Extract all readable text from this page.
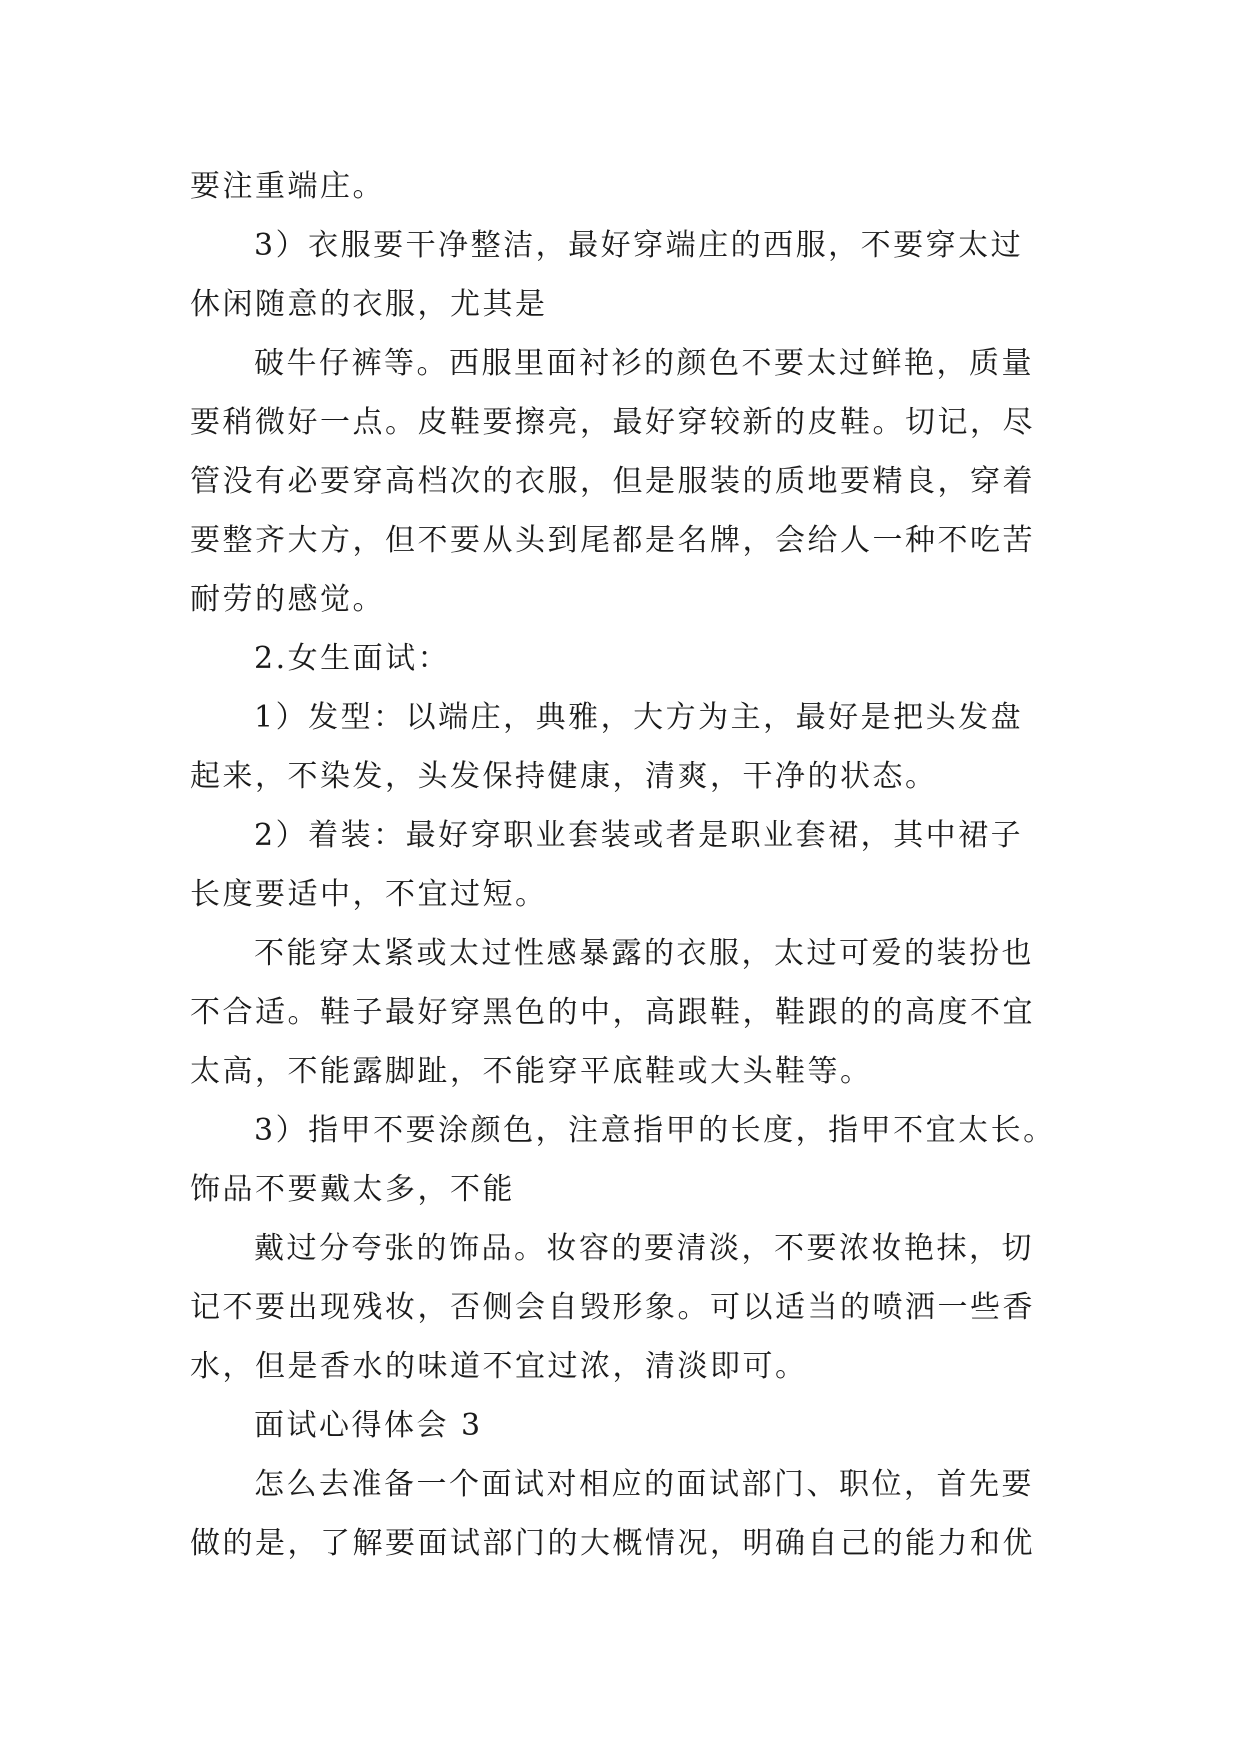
要注重端庄。

3）衣服要干净整洁，最好穿端庄的西服，不要穿太过

休闲随意的衣服，尤其是

破牛仔裤等。西服里面衬衫的颜色不要太过鲜艳，质量

要稍微好一点。皮鞋要擦亮，最好穿较新的皮鞋。切记，尽

管没有必要穿高档次的衣服，但是服装的质地要精良，穿着

要整齐大方，但不要从头到尾都是名牌，会给人一种不吃苦

耐劳的感觉。

2.女生面试：

1）发型：以端庄，典雅，大方为主，最好是把头发盘

起来，不染发，头发保持健康，清爽，干净的状态。

2）着装：最好穿职业套装或者是职业套裙，其中裙子

长度要适中，不宜过短。

不能穿太紧或太过性感暴露的衣服，太过可爱的装扮也

不合适。鞋子最好穿黑色的中，高跟鞋，鞋跟的的高度不宜

太高，不能露脚趾，不能穿平底鞋或大头鞋等。

3）指甲不要涂颜色，注意指甲的长度，指甲不宜太长。

饰品不要戴太多，不能

戴过分夸张的饰品。妆容的要清淡，不要浓妆艳抹，切

记不要出现残妆，否侧会自毁形象。可以适当的喷洒一些香

水，但是香水的味道不宜过浓，清淡即可。

面试心得体会 3

怎么去准备一个面试对相应的面试部门、职位，首先要

做的是，了解要面试部门的大概情况，明确自己的能力和优
